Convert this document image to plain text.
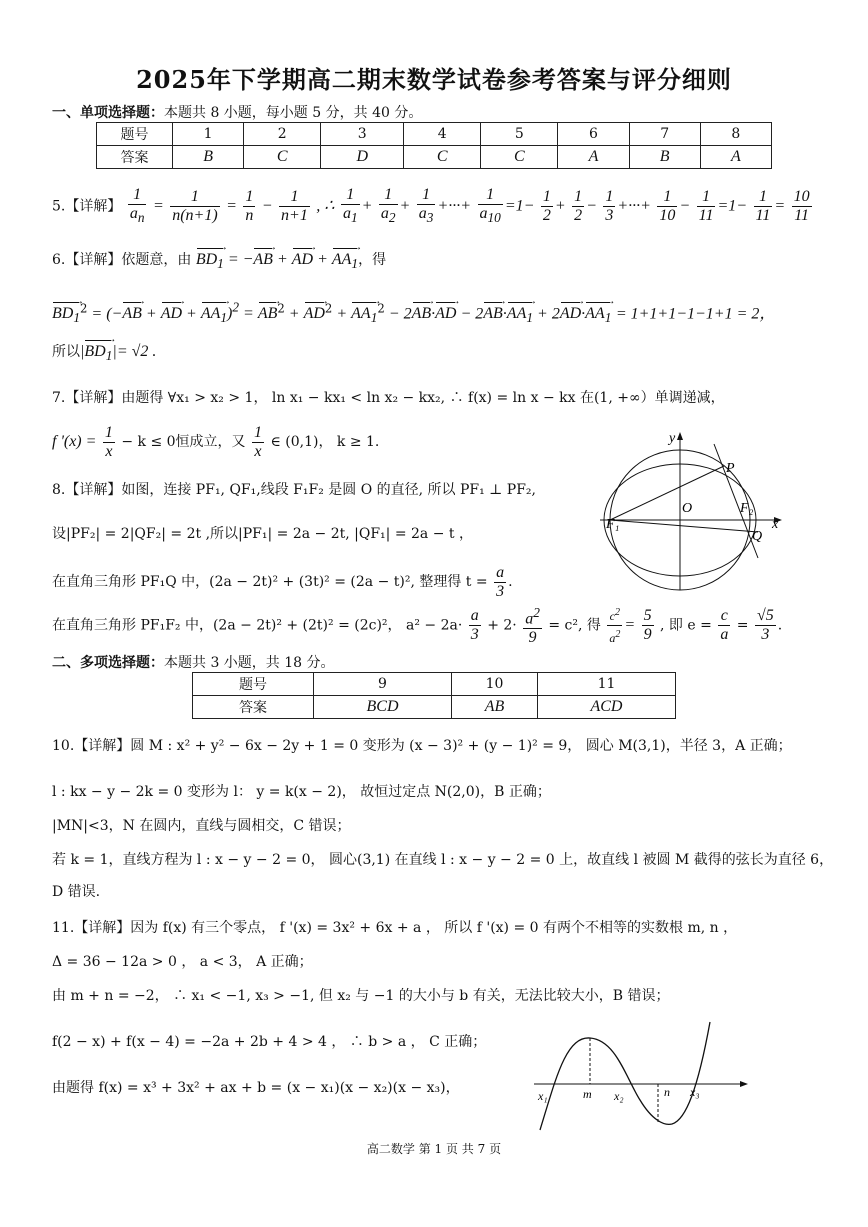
2025年下学期高二期末数学试卷参考答案与评分细则
一、单项选择题：本题共 8 小题，每小题 5 分，共 40 分。
题号	1	2	3	4	5	6	7	8
答案	B	C	D	C	C	A	B	A
5.【详解】 $\frac{1}{a_n} = \frac{1}{n(n+1)} = \frac{1}{n} - \frac{1}{n+1}$ , ∴ $\frac{1}{a_1} + \frac{1}{a_2} + \frac{1}{a_3}$ +···+ $\frac{1}{a_{10}} =1- \frac{1}{2} + \frac{1}{2} - \frac{1}{3}$ +···+ $\frac{1}{10} - \frac{1}{11} =1- \frac{1}{11} = \frac{10}{11}$
6.【详解】依题意，由 $BD_1$ → = −AB → + AD → + $AA_1$ →，得
$BD_1 \to^2 = (-AB$ → + AD → + $AA_1 \to)^2$ = AB →$^2$ + AD $\to^2 + AA_1 \to^2 - 2AB \to\cdot AD$ → − $2AB \to\cdot AA_1$ → + $2AD \to\cdot AA_1$ → = 1+1+1−1−1+1 = 2，
所以$|BD_1$ →|= √2 .
7.【详解】由题得 ∀x₁ > x₂ > 1， ln x₁ − kx₁ < ln x₂ − kx₂, ∴ f(x) = ln x − kx 在(1, +∞）单调递减，
f '$(x) = \frac{1}{x} - k \le 0$恒成立，又 $\frac{1}{x}$ ∈ (0,1)， k ≥ 1.
8.【详解】如图，连接 PF₁, QF₁,线段 F₁F₂ 是圆 O 的直径, 所以 PF₁ ⊥ PF₂,
设|PF₂| = 2|QF₂| = 2t ,所以|PF₁| = 2a − 2t, |QF₁| = 2a − t ，
在直角三角形 PF₁Q 中，(2a − 2t)² + (3t)² = (2a − t)², 整理得 $t = \frac{a}{3}$ .
在直角三角形 PF₁F₂ 中，(2a − 2t)² + (2t)² = (2c)²， $a^2 - 2a\cdot \frac{a}{3} + 2\cdot \frac{a^2}{9} = c^2$, 得 $\frac{c^2}{a^2} = \frac{5}{9}$ , 即 $e = \frac{c}{a} = \frac{√5}{3}$ .
y
x
P
O
F₁
F₂
Q
二、多项选择题：本题共 3 小题，共 18 分。
题号	9	10	11
答案	BCD	AB	ACD
10.【详解】圆 M : x² + y² − 6x − 2y + 1 = 0 变形为 (x − 3)² + (y − 1)² = 9， 圆心 M(3,1)，半径 3，A 正确；
l : kx − y − 2k = 0 变形为 l： y = k(x − 2)， 故恒过定点 N(2,0)，B 正确；
|MN|<3，N 在圆内，直线与圆相交，C 错误；
若 k = 1，直线方程为 l : x − y − 2 = 0， 圆心(3,1) 在直线 l : x − y − 2 = 0 上，故直线 l 被圆 M 截得的弦长为直径 6，
D 错误.
11.【详解】因为 f(x) 有三个零点， f '(x) = 3x² + 6x + a ， 所以 f '(x) = 0 有两个不相等的实数根 m, n ，
Δ = 36 − 12a > 0 ， a < 3， A 正确；
由 m + n = −2， ∴ x₁ < −1, x₃ > −1, 但 x₂ 与 −1 的大小与 b 有关，无法比较大小，B 错误；
f(2 − x) + f(x − 4) = −2a + 2b + 4 > 4 ， ∴ b > a ， C 正确；
由题得 f(x) = x³ + 3x² + ax + b = (x − x₁)(x − x₂)(x − x₃)，	x₁	m x₂	n x₃
高二数学 第 1 页 共 7 页
